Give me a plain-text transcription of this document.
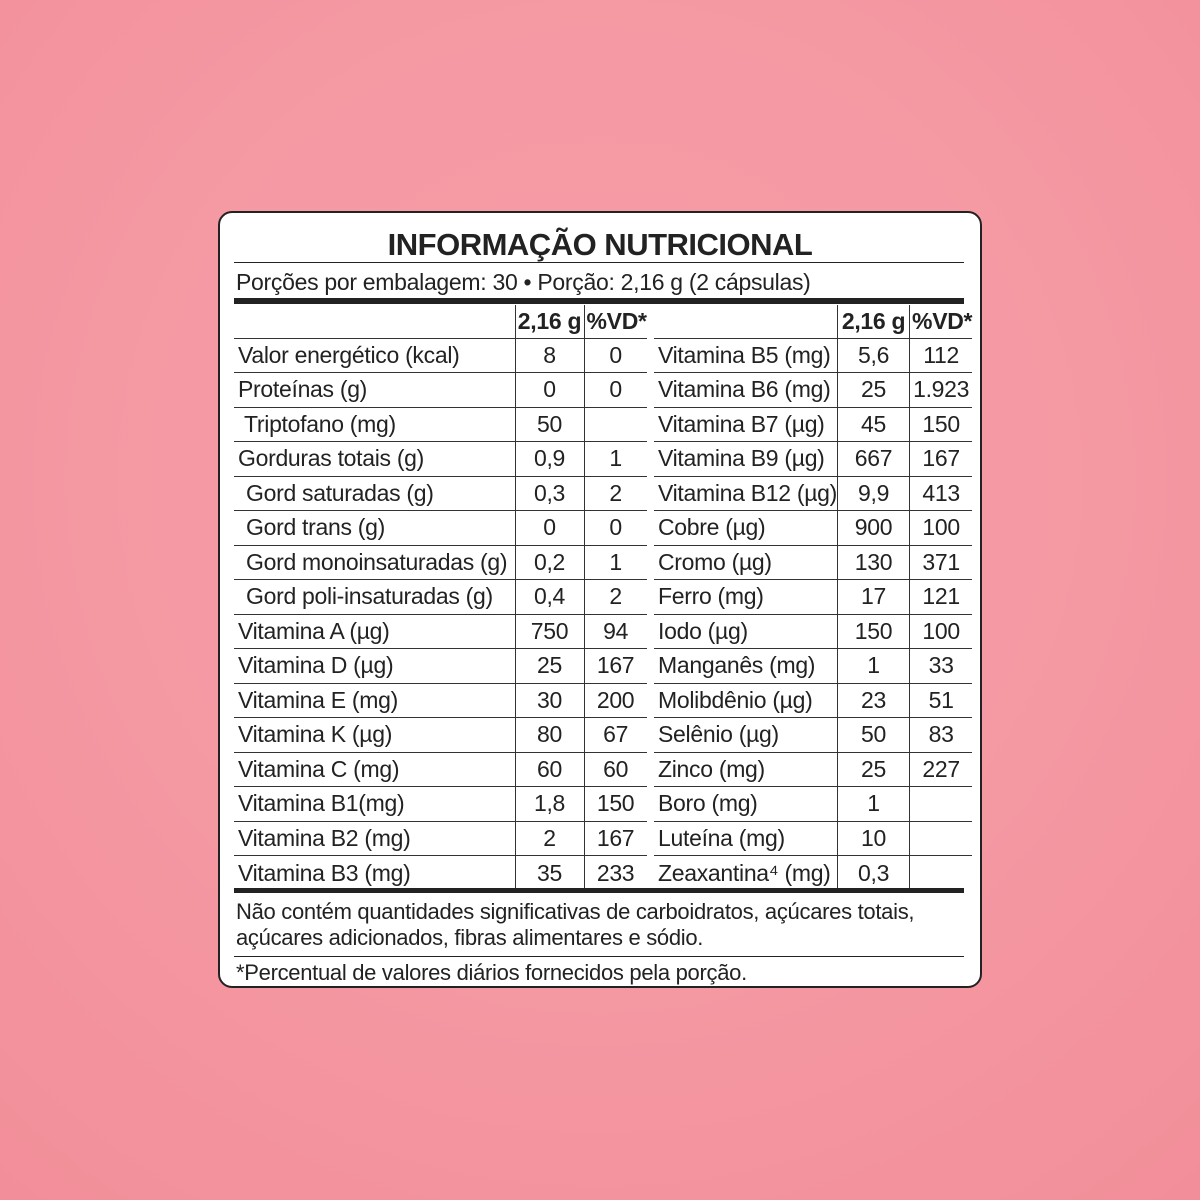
INFORMAÇÃO NUTRICIONAL
Porções por embalagem: 30 • Porção: 2,16 g (2 cápsulas)
	2,16 g	%VD*
Valor energético (kcal)	8	0
Proteínas (g)	0	0
Triptofano (mg)	50	
Gorduras totais (g)	0,9	1
Gord saturadas (g)	0,3	2
Gord trans (g)	0	0
Gord monoinsaturadas (g)	0,2	1
Gord poli-insaturadas (g)	0,4	2
Vitamina A (µg)	750	94
Vitamina D (µg)	25	167
Vitamina E (mg)	30	200
Vitamina K (µg)	80	67
Vitamina C (mg)	60	60
Vitamina B1(mg)	1,8	150
Vitamina B2 (mg)	2	167
Vitamina B3 (mg)	35	233
	2,16 g	%VD*
Vitamina B5 (mg)	5,6	112
Vitamina B6 (mg)	25	1.923
Vitamina B7 (µg)	45	150
Vitamina B9 (µg)	667	167
Vitamina B12 (µg)	9,9	413
Cobre (µg)	900	100
Cromo (µg)	130	371
Ferro (mg)	17	121
Iodo (µg)	150	100
Manganês (mg)	1	33
Molibdênio (µg)	23	51
Selênio (µg)	50	83
Zinco (mg)	25	227
Boro (mg)	1	
Luteína (mg)	10	
Zeaxantina⁴ (mg)	0,3	
Não contém quantidades significativas de carboidratos, açúcares totais, açúcares adicionados, fibras alimentares e sódio.
*Percentual de valores diários fornecidos pela porção.
